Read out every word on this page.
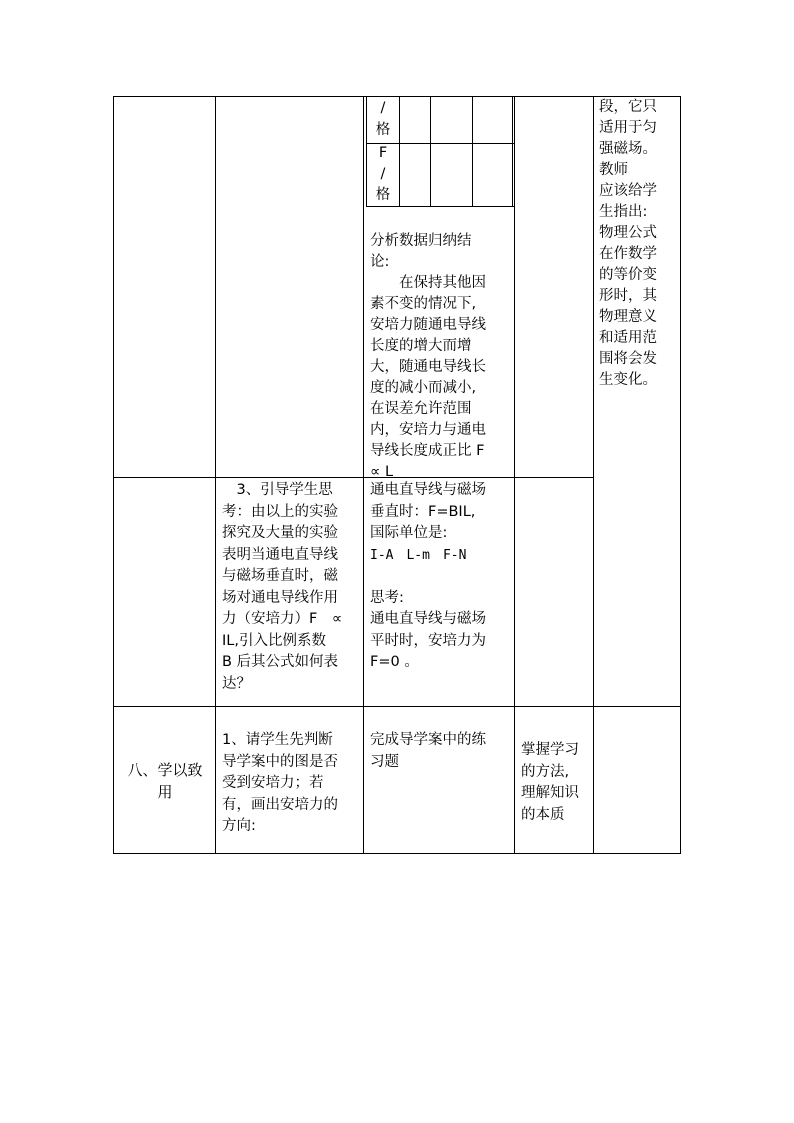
/

格

F

/

格

分析数据归纳结

论:

　　在保持其他因

素不变的情况下,

安培力随通电导线

长度的增大而增

大，随通电导线长

度的减小而减小,

在误差允许范围

内，安培力与通电

导线长度成正比 F

∝ L

段，它只

适用于匀

强磁场。

教师

应该给学

生指出:

物理公式

在作数学

的等价变

形时，其

物理意义

和适用范

围将会发

生变化。

　3、引导学生思

考：由以上的实验

探究及大量的实验

表明当通电直导线

与磁场垂直时，磁

场对通电导线作用

力（安培力）F　∝

IL,引入比例系数

B 后其公式如何表

达？

通电直导线与磁场

垂直时：F=BIL,

国际单位是:

I-A　L-m　F-N

思考:

通电直导线与磁场

平时时，安培力为

F=0 。

八、学以致

用

1、请学生先判断

导学案中的图是否

受到安培力；若

有，画出安培力的

方向:

完成导学案中的练

习题

掌握学习

的方法,

理解知识

的本质
